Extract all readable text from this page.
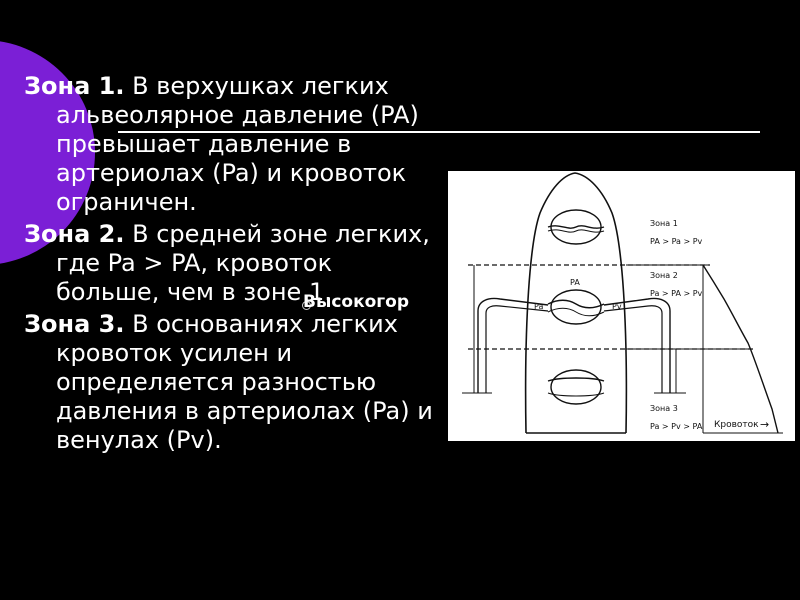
Зона 1. В верхушках легких альвеолярное давление (PA) превышает давление в артериолах (Pa) и кровоток ограничен.

Зона 2. В средней зоне легких, где Pa > PA, кровоток больше, чем в зоне 1.

Зона 3. В основаниях легких кровоток усилен и определяется разностью давления в артериолах (Pa) и венулах (Pv).

PA
Pa	Pv
Зона 1
PA > Pa > Pv
Зона 2
Pa > PA > Pv
Зона 3
Pa > Pv > PA Кровоток →
Высокогор
